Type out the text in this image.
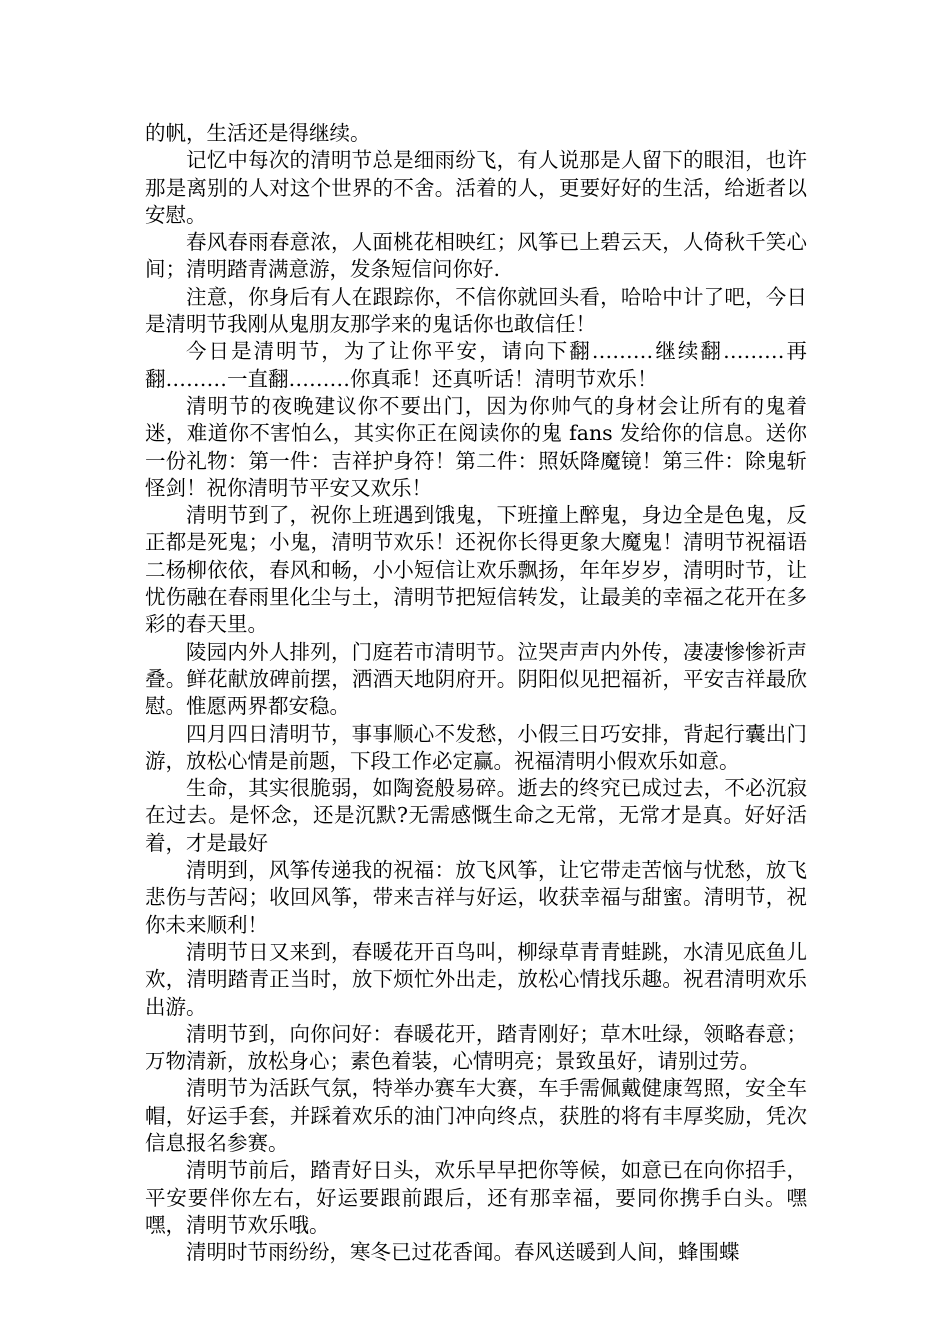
的帆，生活还是得继续。

记忆中每次的清明节总是细雨纷飞，有人说那是人留下的眼泪，也许那是离别的人对这个世界的不舍。活着的人，更要好好的生活，给逝者以安慰。

春风春雨春意浓，人面桃花相映红；风筝已上碧云天，人倚秋千笑心间；清明踏青满意游，发条短信问你好.

注意，你身后有人在跟踪你，不信你就回头看，哈哈中计了吧，今日是清明节我刚从鬼朋友那学来的鬼话你也敢信任！

今日是清明节，为了让你平安，请向下翻………继续翻………再翻………一直翻………你真乖！还真听话！清明节欢乐！

清明节的夜晚建议你不要出门，因为你帅气的身材会让所有的鬼着迷，难道你不害怕么，其实你正在阅读你的鬼 fans 发给你的信息。送你一份礼物：第一件：吉祥护身符！第二件：照妖降魔镜！第三件：除鬼斩怪剑！祝你清明节平安又欢乐！

清明节到了，祝你上班遇到饿鬼，下班撞上醉鬼，身边全是色鬼，反正都是死鬼；小鬼，清明节欢乐！还祝你长得更象大魔鬼！清明节祝福语二杨柳依依，春风和畅，小小短信让欢乐飘扬，年年岁岁，清明时节，让忧伤融在春雨里化尘与土，清明节把短信转发，让最美的幸福之花开在多彩的春天里。

陵园内外人排列，门庭若市清明节。泣哭声声内外传，凄凄惨惨祈声叠。鲜花献放碑前摆，洒酒天地阴府开。阴阳似见把福祈，平安吉祥最欣慰。惟愿两界都安稳。

四月四日清明节，事事顺心不发愁，小假三日巧安排，背起行囊出门游，放松心情是前题，下段工作必定赢。祝福清明小假欢乐如意。

生命，其实很脆弱，如陶瓷般易碎。逝去的终究已成过去，不必沉寂在过去。是怀念，还是沉默?无需感慨生命之无常，无常才是真。好好活着，才是最好

清明到，风筝传递我的祝福：放飞风筝，让它带走苦恼与忧愁，放飞悲伤与苦闷；收回风筝，带来吉祥与好运，收获幸福与甜蜜。清明节，祝你未来顺利！

清明节日又来到，春暖花开百鸟叫，柳绿草青青蛙跳，水清见底鱼儿欢，清明踏青正当时，放下烦忙外出走，放松心情找乐趣。祝君清明欢乐出游。

清明节到，向你问好：春暖花开，踏青刚好；草木吐绿，领略春意；万物清新，放松身心；素色着装，心情明亮；景致虽好，请别过劳。

清明节为活跃气氛，特举办赛车大赛，车手需佩戴健康驾照，安全车帽，好运手套，并踩着欢乐的油门冲向终点，获胜的将有丰厚奖励，凭次信息报名参赛。

清明节前后，踏青好日头，欢乐早早把你等候，如意已在向你招手，平安要伴你左右，好运要跟前跟后，还有那幸福，要同你携手白头。嘿嘿，清明节欢乐哦。

清明时节雨纷纷，寒冬已过花香闻。春风送暖到人间，蜂围蝶
